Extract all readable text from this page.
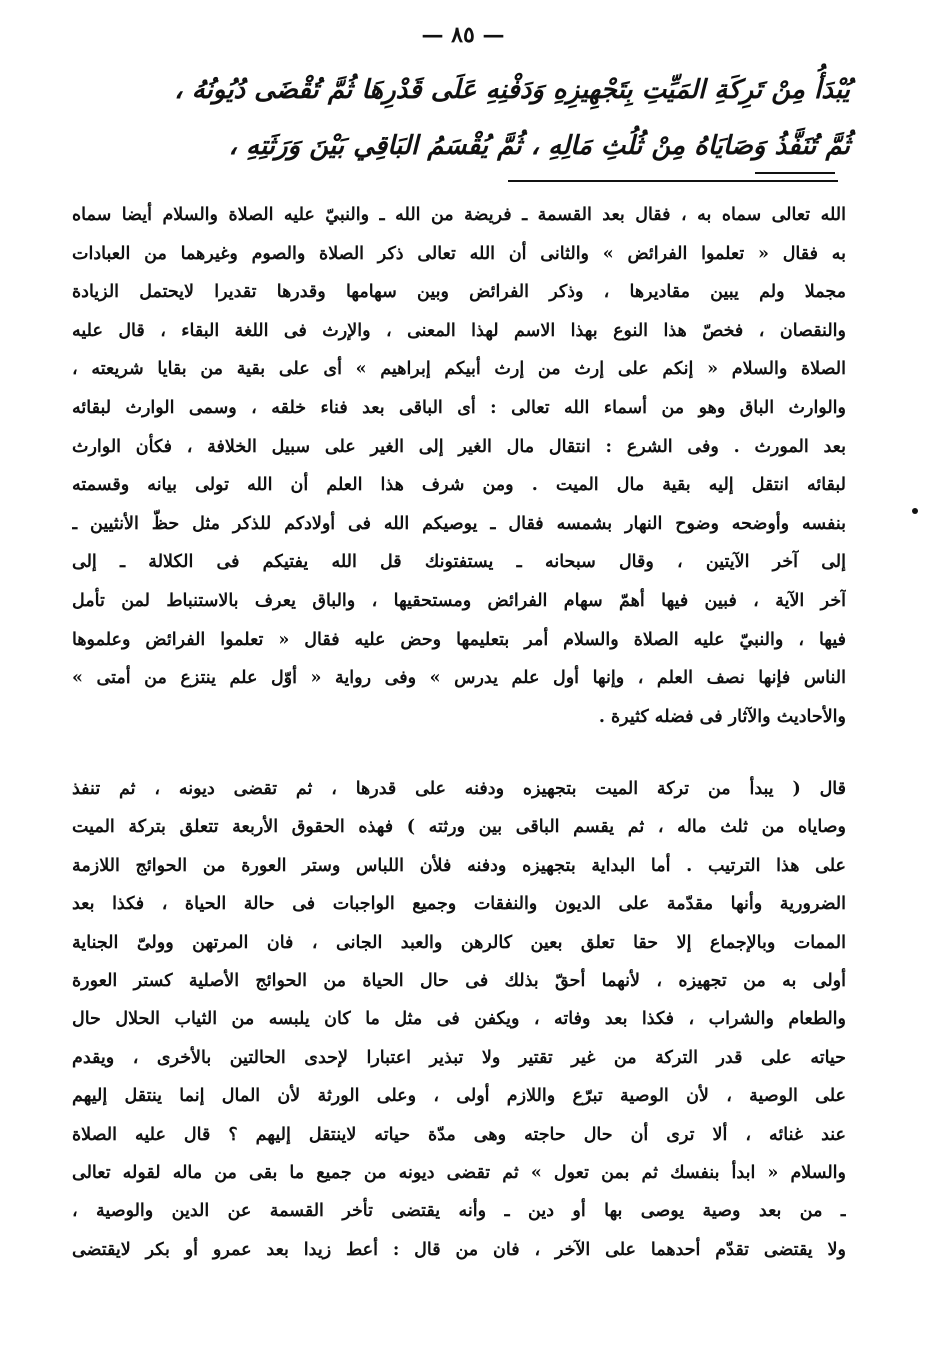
— ٨٥ —
يُبْدَأُ مِنْ تَرِكَةِ المَيِّتِ بِتَجْهِيزِهِ وَدَفْنِهِ عَلَى قَدْرِهَا ثُمَّ تُقْضَى دُيُونُهُ ،
ثُمَّ تُنَفَّذُ وَصَايَاهُ مِنْ ثُلُثِ مَالِهِ ، ثُمَّ يُقْسَمُ البَاقِي بَيْنَ وَرَثَتِهِ ،
الله تعالى سماه به ، فقال بعد القسمة ـ فريضة من الله ـ والنبيّ عليه الصلاة والسلام أيضا سماه
به فقال « تعلموا الفرائض » والثانى أن الله تعالى ذكر الصلاة والصوم وغيرهما من العبادات
مجملا ولم يبين مقاديرها ، وذكر الفرائض وبين سهامها وقدرها تقديرا لايحتمل الزيادة
والنقصان ، فخصّ هذا النوع بهذا الاسم لهذا المعنى ، والإرث فى اللغة البقاء ، قال عليه
الصلاة والسلام « إنكم على إرث من إرث أبيكم إبراهيم » أى على بقية من بقايا شريعته ،
والوارث الباق وهو من أسماء الله تعالى : أى الباقى بعد فناء خلقه ، وسمى الوارث لبقائه
بعد المورث . وفى الشرع : انتقال مال الغير إلى الغير على سبيل الخلافة ، فكأن الوارث
لبقائه انتقل إليه بقية مال الميت . ومن شرف هذا العلم أن الله تولى بيانه وقسمته
بنفسه وأوضحه وضوح النهار بشمسه فقال ـ يوصيكم الله فى أولادكم للذكر مثل حظّ الأنثيين ـ
إلى آخر الآيتين ، وقال سبحانه ـ يستفتونك قل الله يفتيكم فى الكلالة ـ إلى
آخر الآية ، فبين فيها أهمّ سهام الفرائض ومستحقيها ، والباق يعرف بالاستنباط لمن تأمل
فيها ، والنبيّ عليه الصلاة والسلام أمر بتعليمها وحض عليه فقال « تعلموا الفرائض وعلموها
الناس فإنها نصف العلم ، وإنها أول علم يدرس » وفى رواية « أوّل علم ينتزع من أمتى »
والأحاديث والآثار فى فضله كثيرة .
قال ( يبدأ من تركة الميت بتجهيزه ودفنه على قدرها ، ثم تقضى ديونه ، ثم تنفذ
وصاياه من ثلث ماله ، ثم يقسم الباقى بين ورثته ) فهذه الحقوق الأربعة تتعلق بتركة الميت
على هذا الترتيب . أما البداية بتجهيزه ودفنه فلأن اللباس وستر العورة من الحوائج اللازمة
الضرورية وأنها مقدّمة على الديون والنفقات وجميع الواجبات فى حالة الحياة ، فكذا بعد
الممات وبالإجماع إلا حقا تعلق بعين كالرهن والعبد الجانى ، فان المرتهن وولىّ الجناية
أولى به من تجهيزه ، لأنهما أحقّ بذلك فى حال الحياة من الحوائج الأصلية كستر العورة
والطعام والشراب ، فكذا بعد وفاته ، ويكفن فى مثل ما كان يلبسه من الثياب الحلال حال
حياته على قدر التركة من غير تقتير ولا تبذير اعتبارا لإحدى الحالتين بالأخرى ، ويقدم
على الوصية ، لأن الوصية تبرّع واللازم أولى ، وعلى الورثة لأن المال إنما ينتقل إليهم
عند غنائه ، ألا ترى أن حال حاجته وهى مدّة حياته لاينتقل إليهم ؟ قال عليه الصلاة
والسلام « ابدأ بنفسك ثم بمن تعول » ثم تقضى ديونه من جميع ما بقى من ماله لقوله تعالى
ـ من بعد وصية يوصى بها أو دين ـ وأنه يقتضى تأخر القسمة عن الدين والوصية ،
ولا يقتضى تقدّم أحدهما على الآخر ، فان من قال : أعط زيدا بعد عمرو أو بكر لايقتضى
